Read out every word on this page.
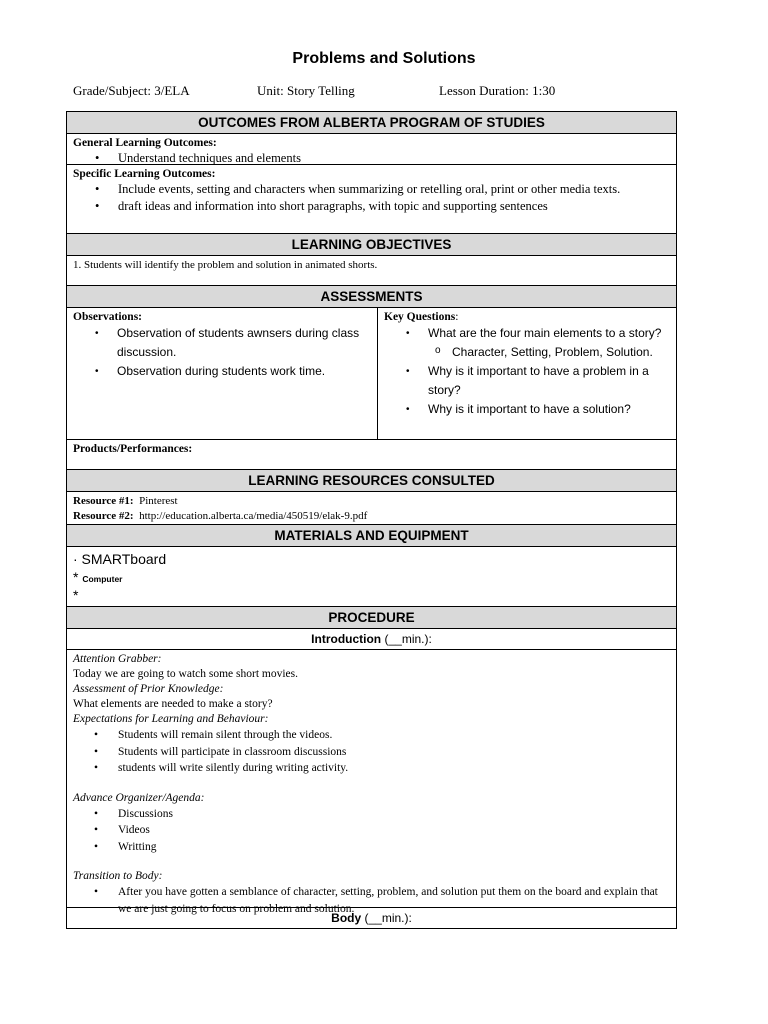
Problems and Solutions
Grade/Subject: 3/ELA	Unit: Story Telling	Lesson Duration: 1:30
OUTCOMES FROM ALBERTA PROGRAM OF STUDIES
General Learning Outcomes:
• Understand techniques and elements
Specific Learning Outcomes:
• Include events, setting and characters when summarizing or retelling oral, print or other media texts.
• draft ideas and information into short paragraphs, with topic and supporting sentences
LEARNING OBJECTIVES
1. Students will identify the problem and solution in animated shorts.
ASSESSMENTS
Observations:
• Observation of students awnsers during class discussion.
• Observation during students work time.
Key Questions:
• What are the four main elements to a story?
o Character, Setting, Problem, Solution.
• Why is it important to have a problem in a story?
• Why is it important to have a solution?
Products/Performances:
LEARNING RESOURCES CONSULTED
Resource #1: Pinterest
Resource #2: http://education.alberta.ca/media/450519/elak-9.pdf
MATERIALS AND EQUIPMENT
· SMARTboard
* Computer
*
PROCEDURE
Introduction (__min.):
Attention Grabber:
Today we are going to watch some short movies.
Assessment of Prior Knowledge:
What elements are needed to make a story?
Expectations for Learning and Behaviour:
• Students will remain silent through the videos.
• Students will participate in classroom discussions
• students will write silently during writing activity.
Advance Organizer/Agenda:
• Discussions
• Videos
• Writting
Transition to Body:
• After you have gotten a semblance of character, setting, problem, and solution put them on the board and explain that we are just going to focus on problem and solution.
Body (__min.):
